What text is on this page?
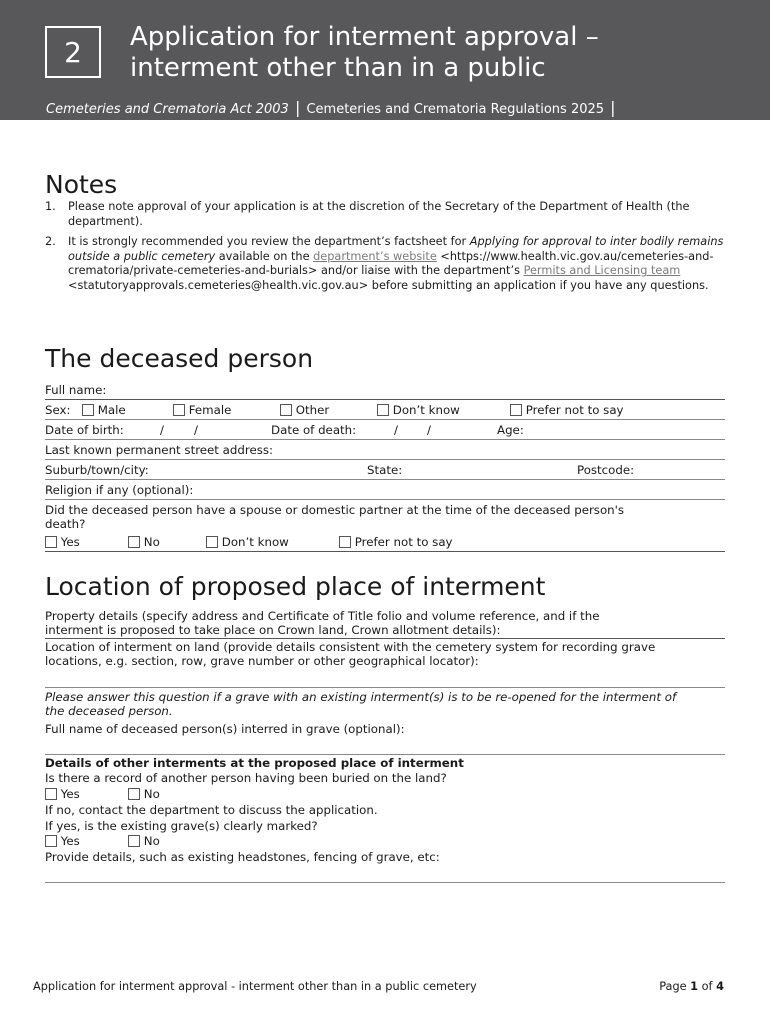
2	Application for interment approval –
interment other than in a public
Cemeteries and Crematoria Act 2003 | Cemeteries and Crematoria Regulations 2025 |
Notes
1. Please note approval of your application is at the discretion of the Secretary of the Department of Health (the department).
2. It is strongly recommended you review the department’s factsheet for Applying for approval to inter bodily remains outside a public cemetery available on the department’s website <https://www.health.vic.gov.au/cemeteries-and-crematoria/private-cemeteries-and-burials> and/or liaise with the department’s Permits and Licensing team <statutoryapprovals.cemeteries@health.vic.gov.au> before submitting an application if you have any questions.
The deceased person
Full name:
Sex:	Male	Female	Other	Don’t know	Prefer not to say
Date of birth:	/	/	Date of death:	/ /	Age:
Last known permanent street address:
Suburb/town/city:	State:	Postcode:
Religion if any (optional):
Did the deceased person have a spouse or domestic partner at the time of the deceased person's
death?
Yes	No	Don’t know	Prefer not to say
Location of proposed place of interment
Property details (specify address and Certificate of Title folio and volume reference, and if the
interment is proposed to take place on Crown land, Crown allotment details):
Location of interment on land (provide details consistent with the cemetery system for recording grave
locations, e.g. section, row, grave number or other geographical locator):
Please answer this question if a grave with an existing interment(s) is to be re-opened for the interment of
the deceased person.
Full name of deceased person(s) interred in grave (optional):
Details of other interments at the proposed place of interment
Is there a record of another person having been buried on the land?
Yes	No
If no, contact the department to discuss the application.
If yes, is the existing grave(s) clearly marked?
Yes	No
Provide details, such as existing headstones, fencing of grave, etc:
Application for interment approval - interment other than in a public cemetery	Page 1 of 4
